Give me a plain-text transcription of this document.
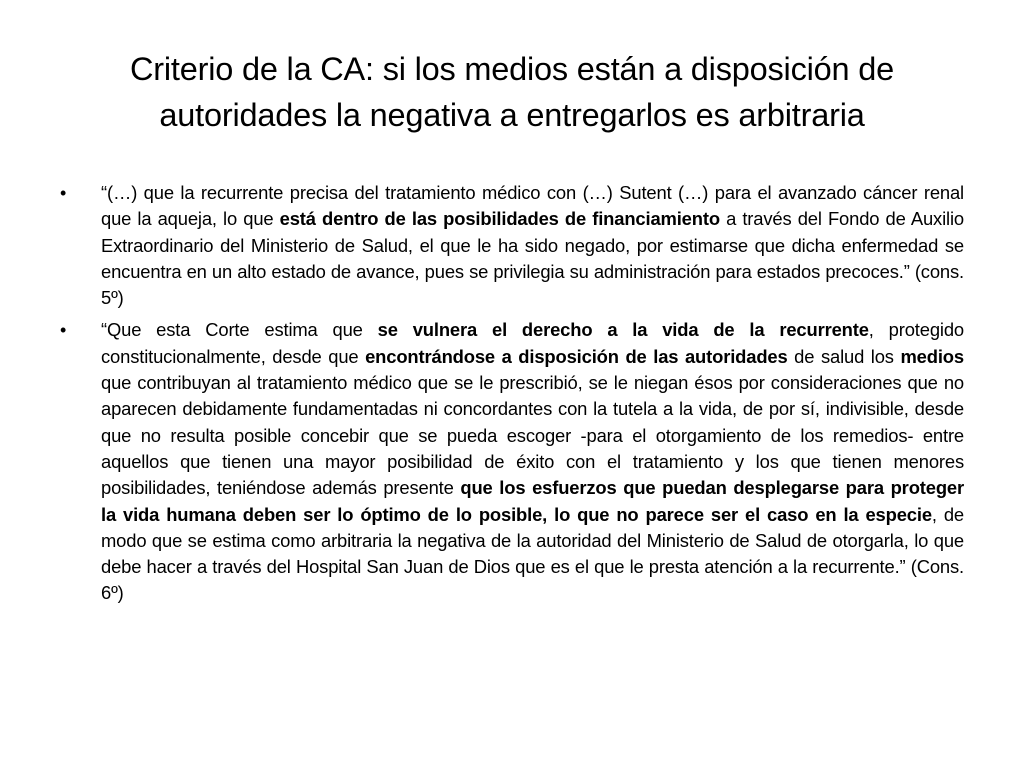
Criterio de la CA: si los medios están a disposición de
autoridades la negativa a entregarlos es arbitraria
•	“(…) que la recurrente precisa del tratamiento médico con (…) Sutent (…) para el avanzado cáncer renal que la aqueja, lo que está dentro de las posibilidades de financiamiento a través del Fondo de Auxilio Extraordinario del Ministerio de Salud, el que le ha sido negado, por estimarse que dicha enfermedad se encuentra en un alto estado de avance, pues se privilegia su administración para estados precoces.” (cons. 5º)
•	“Que esta Corte estima que se vulnera el derecho a la vida de la recurrente, protegido constitucionalmente, desde que encontrándose a disposición de las autoridades de salud los medios que contribuyan al tratamiento médico que se le prescribió, se le niegan ésos por consideraciones que no aparecen debidamente fundamentadas ni concordantes con la tutela a la vida, de por sí, indivisible, desde que no resulta posible concebir que se pueda escoger -para el otorgamiento de los remedios- entre aquellos que tienen una mayor posibilidad de éxito con el tratamiento y los que tienen menores posibilidades, teniéndose además presente que los esfuerzos que puedan desplegarse para proteger la vida humana deben ser lo óptimo de lo posible, lo que no parece ser el caso en la especie, de modo que se estima como arbitraria la negativa de la autoridad del Ministerio de Salud de otorgarla, lo que debe hacer a través del Hospital San Juan de Dios que es el que le presta atención a la recurrente.” (Cons. 6º)
